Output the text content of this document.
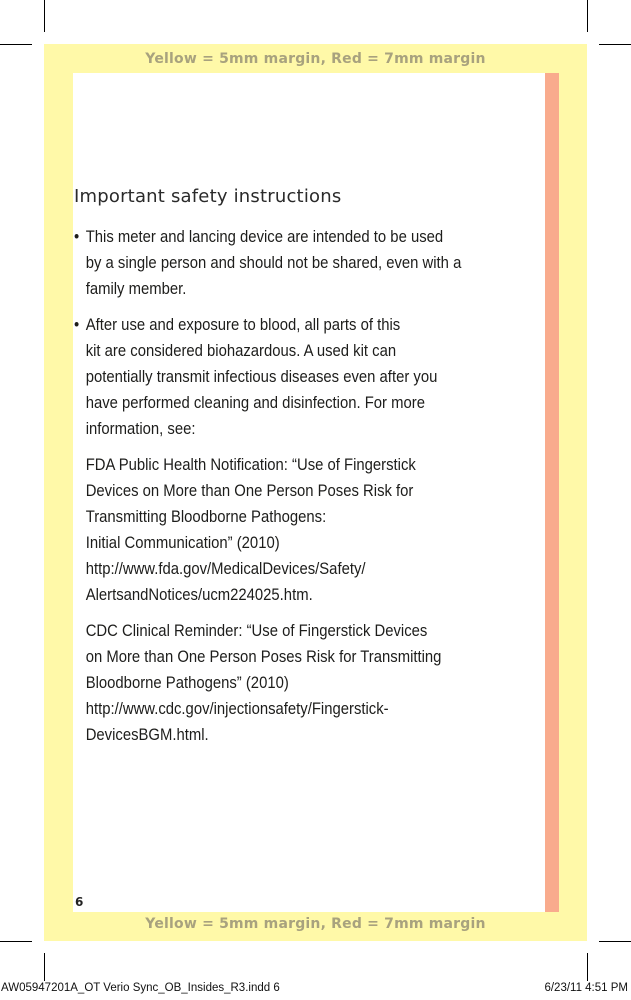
Yellow = 5mm margin, Red = 7mm margin
Yellow = 5mm margin, Red = 7mm margin
Important safety instructions
• This meter and lancing device are intended to be used
by a single person and should not be shared, even with a
family member.
• After use and exposure to blood, all parts of this
kit are considered biohazardous. A used kit can
potentially transmit infectious diseases even after you
have performed cleaning and disinfection. For more
information, see:
FDA Public Health Notification: “Use of Fingerstick
Devices on More than One Person Poses Risk for
Transmitting Bloodborne Pathogens:
Initial Communication” (2010)
http://www.fda.gov/MedicalDevices/Safety/
AlertsandNotices/ucm224025.htm.
CDC Clinical Reminder: “Use of Fingerstick Devices
on More than One Person Poses Risk for Transmitting
Bloodborne Pathogens” (2010)
http://www.cdc.gov/injectionsafety/Fingerstick-
DevicesBGM.html.
6
AW05947201A_OT Verio Sync_OB_Insides_R3.indd 6	6/23/11 4:51 PM
